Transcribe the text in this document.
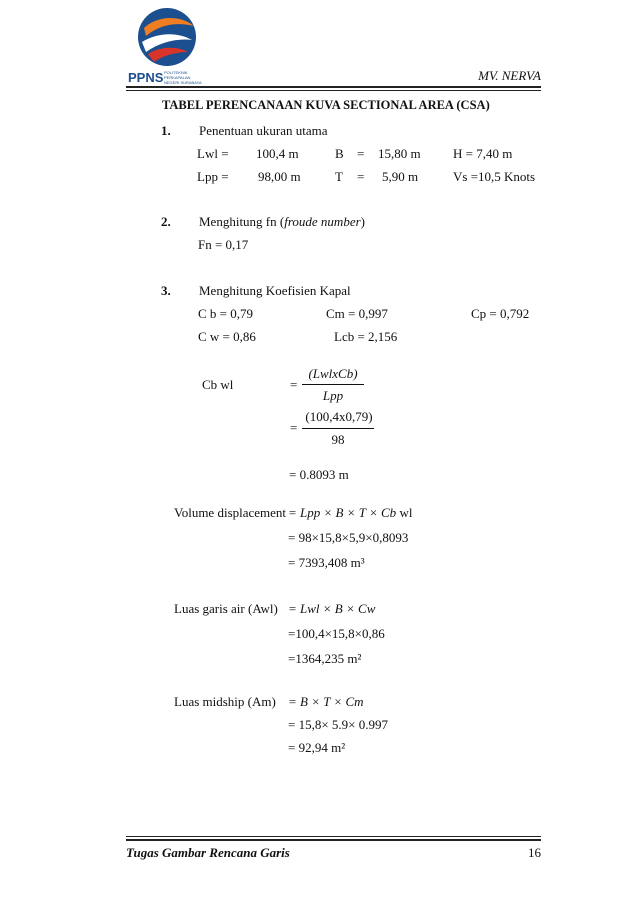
PPNS POLITEKNIK
PERKAPALAN
NEGERI SURABAYA	MV. NERVA
TABEL PERENCANAAN KUVA SECTIONAL AREA (CSA)
1. Penentuan ukuran utama
Lwl = 100,4 m	B = 15,80 m H = 7,40 m
Lpp = 98,00 m	T = 5,90 m	Vs =10,5 Knots
2. Menghitung fn (froude number)
Fn = 0,17
3. Menghitung Koefisien Kapal
C b = 0,79	Cm = 0,997	Cp = 0,792
C w = 0,86	Lcb = 2,156
Cb wl	=
(LwlxCb)
Lpp
=
(100,4x0,79)
98
= 0.8093 m
Volume displacement = Lpp × B × T × Cb wl
= 98×15,8×5,9×0,8093
= 7393,408 m³
Luas garis air (Awl) = Lwl × B × Cw
=100,4×15,8×0,86
=1364,235 m²
Luas midship (Am) = B × T × Cm
= 15,8× 5.9× 0.997
= 92,94 m²
Tugas Gambar Rencana Garis	16
